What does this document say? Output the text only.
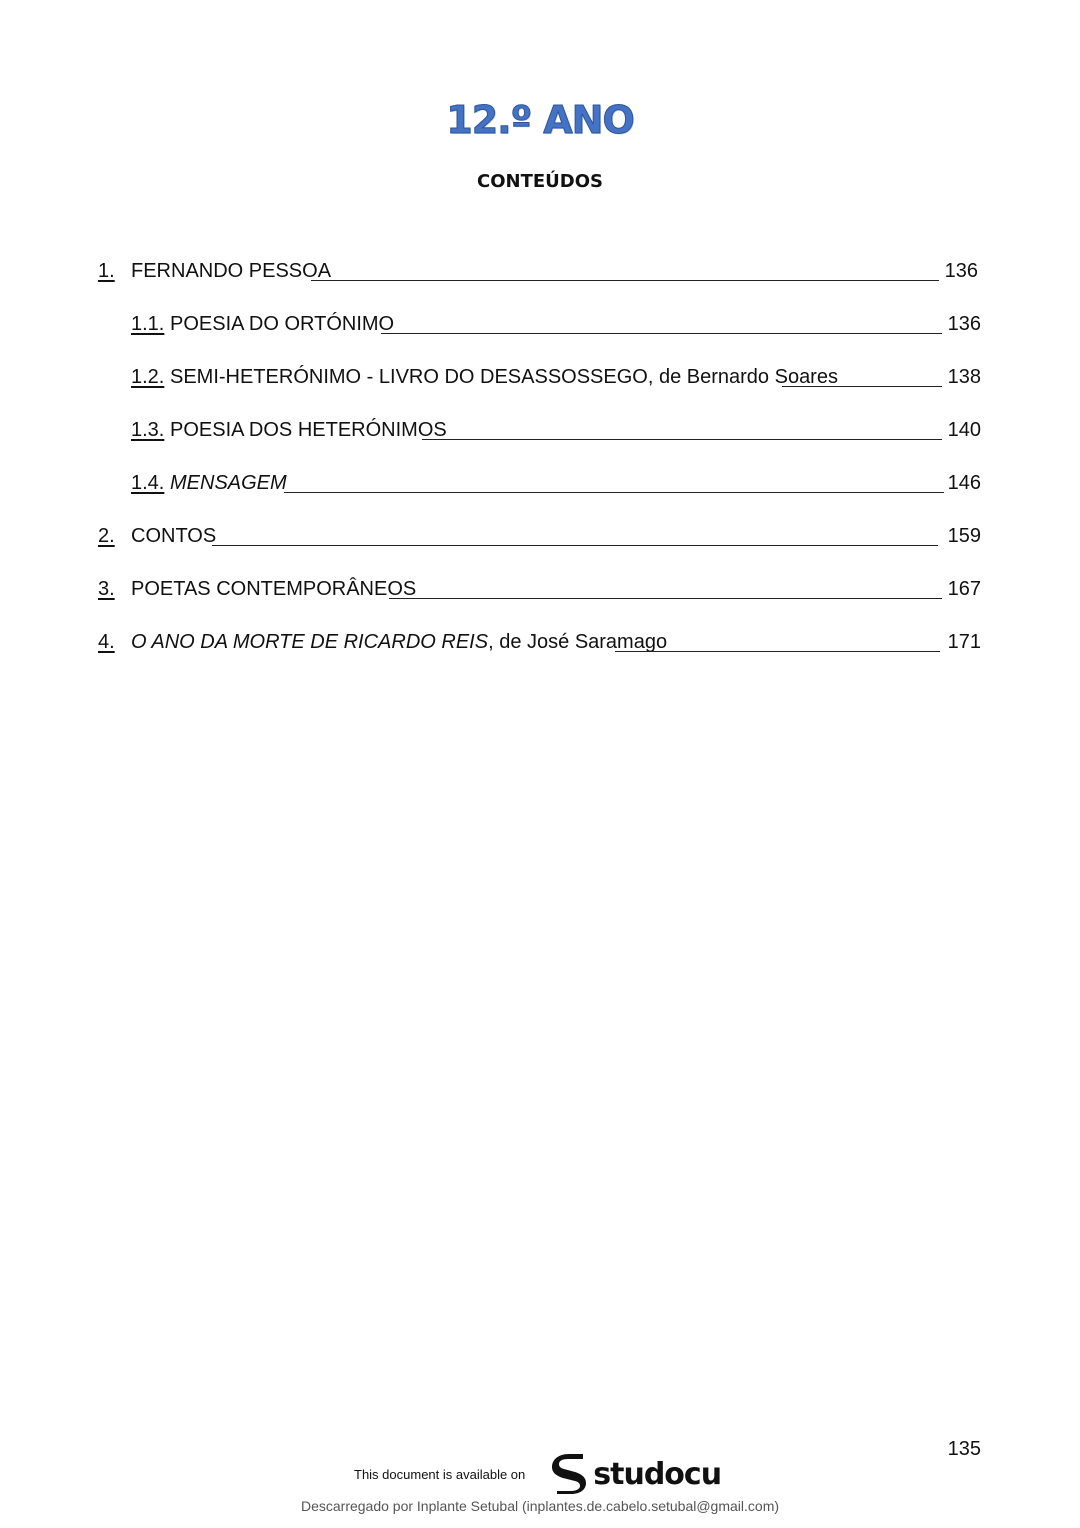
12.º ANO
CONTEÚDOS
1. FERNANDO PESSOA	136
1.1. POESIA DO ORTÓNIMO	136
1.2. SEMI-HETERÓNIMO - LIVRO DO DESASSOSSEGO, de Bernardo Soares	138
1.3. POESIA DOS HETERÓNIMOS	140
1.4. MENSAGEM	146
2. CONTOS	159
3. POETAS CONTEMPORÂNEOS	167
4. O ANO DA MORTE DE RICARDO REIS, de José Saramago	171
135
This document is available on studocu
Descarregado por Inplante Setubal (inplantes.de.cabelo.setubal@gmail.com)
